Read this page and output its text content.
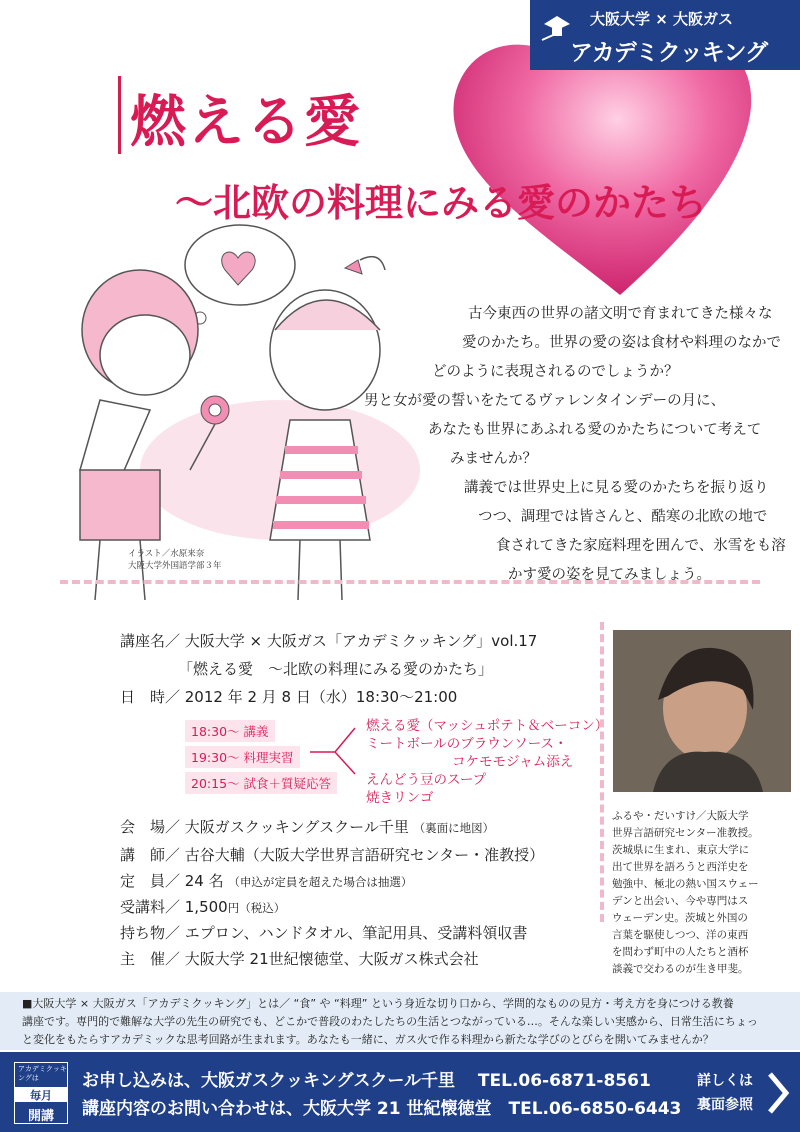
大阪大学 × 大阪ガス
アカデミクッキング
燃える愛
〜北欧の料理にみる愛のかたち
古今東西の世界の諸文明で育まれてきた様々な
愛のかたち。世界の愛の姿は食材や料理のなかで
どのように表現されるのでしょうか？
男と女が愛の誓いをたてるヴァレンタインデーの月に、
あなたも世界にあふれる愛のかたちについて考えて
みませんか？
講義では世界史上に見る愛のかたちを振り返り
つつ、調理では皆さんと、酷寒の北欧の地で
食されてきた家庭料理を囲んで、氷雪をも溶
かす愛の姿を見てみましょう。
イラスト／水原来奈
大阪大学外国語学部３年
講座名／ 大阪大学 × 大阪ガス「アカデミクッキング」vol.17
「燃える愛　〜北欧の料理にみる愛のかたち」
日　時／ 2012 年 2 月 8 日（水）18:30〜21:00
18:30〜 講義
19:30〜 料理実習
20:15〜 試食＋質疑応答
燃える愛（マッシュポテト＆ベーコン）
ミートボールのブラウンソース・
コケモモジャム添え
えんどう豆のスープ
焼きリンゴ
会　場／ 大阪ガスクッキングスクール千里 （裏面に地図）
講　師／ 古谷大輔（大阪大学世界言語研究センター・准教授）
定　員／ 24 名 （申込が定員を超えた場合は抽選）
受講料／ 1,500円（税込）
持ち物／ エプロン、ハンドタオル、筆記用具、受講料領収書
主　催／ 大阪大学 21世紀懐徳堂、大阪ガス株式会社
ふるや・だいすけ／大阪大学
世界言語研究センター准教授。
茨城県に生まれ、東京大学に
出て世界を語ろうと西洋史を
勉強中、極北の熱い国スウェー
デンと出会い、今や専門はス
ウェーデン史。茨城と外国の
言葉を駆使しつつ、洋の東西
を問わず町中の人たちと酒杯
談義で交わるのが生き甲斐。
■大阪大学 × 大阪ガス「アカデミクッキング」とは／ “食” や “料理” という身近な切り口から、学問的なものの見方・考え方を身につける教養
講座です。専門的で難解な大学の先生の研究でも、どこかで普段のわたしたちの生活とつながっている…。そんな楽しい実感から、日常生活にちょっ
と変化をもたらすアカデミックな思考回路が生まれます。あなたも一緒に、ガス火で作る料理から新たな学びのとびらを開いてみませんか？
アカデミクッキングは
毎月
開講
お申し込みは、大阪ガスクッキングスクール千里　 TEL.06-6871-8561
講座内容のお問い合わせは、大阪大学 21 世紀懐徳堂　TEL.06-6850-6443
詳しくは
裏面参照
